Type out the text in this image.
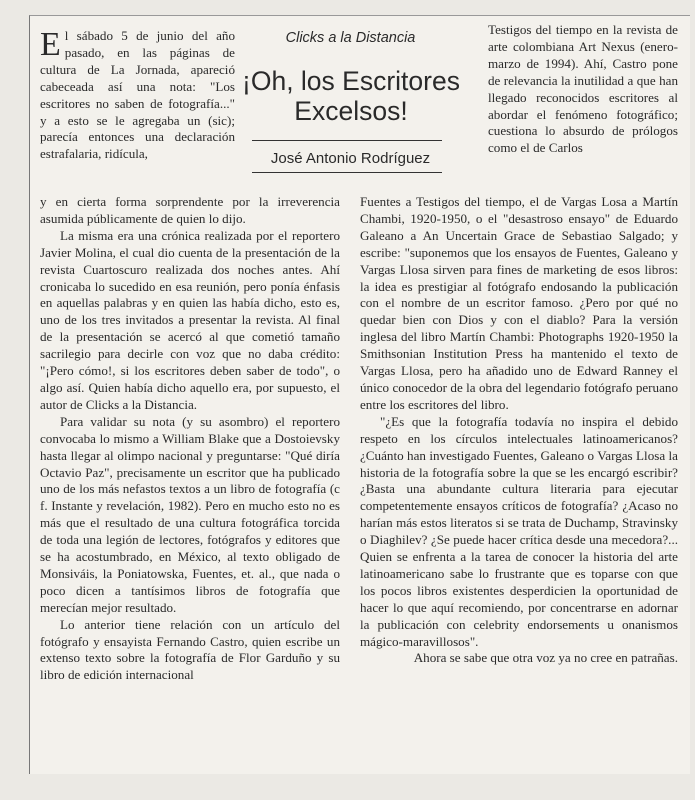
El sábado 5 de junio del año pasado, en las páginas de cultura de La Jornada, apareció cabeceada así una nota: "Los escritores no saben de fotografía..." y a esto se le agregaba un (sic); parecía entonces una declaración estrafalaria, ridícula,

Clicks a la Distancia
¡Oh, los Escritores Excelsos!
José Antonio Rodríguez

Testigos del tiempo en la revista de arte colombiana Art Nexus (enero-marzo de 1994). Ahí, Castro pone de relevancia la inutilidad a que han llegado reconocidos escritores al abordar el fenómeno fotográfico; cuestiona lo absurdo de prólogos como el de Carlos

y en cierta forma sorprendente por la irreverencia asumida públicamente de quien lo dijo.

La misma era una crónica realizada por el reportero Javier Molina, el cual dio cuenta de la presentación de la revista Cuartoscuro realizada dos noches antes. Ahí cronicaba lo sucedido en esa reunión, pero ponía énfasis en aquellas palabras y en quien las había dicho, esto es, uno de los tres invitados a presentar la revista. Al final de la presentación se acercó al que cometió tamaño sacrilegio para decirle con voz que no daba crédito: "¡Pero cómo!, si los escritores deben saber de todo", o algo así. Quien había dicho aquello era, por supuesto, el autor de Clicks a la Distancia.

Para validar su nota (y su asombro) el reportero convocaba lo mismo a William Blake que a Dostoievsky hasta llegar al olimpo nacional y preguntarse: "Qué diría Octavio Paz", precisamente un escritor que ha publicado uno de los más nefastos textos a un libro de fotografía (c f. Instante y revelación, 1982). Pero en mucho esto no es más que el resultado de una cultura fotográfica torcida de toda una legión de lectores, fotógrafos y editores que se ha acostumbrado, en México, al texto obligado de Monsiváis, la Poniatowska, Fuentes, et. al., que nada o poco dicen a tantísimos libros de fotografía que merecían mejor resultado.

Lo anterior tiene relación con un artículo del fotógrafo y ensayista Fernando Castro, quien escribe un extenso texto sobre la fotografía de Flor Garduño y su libro de edición internacional

Fuentes a Testigos del tiempo, el de Vargas Losa a Martín Chambi, 1920-1950, o el "desastroso ensayo" de Eduardo Galeano a An Uncertain Grace de Sebastiao Salgado; y escribe: "suponemos que los ensayos de Fuentes, Galeano y Vargas Llosa sirven para fines de marketing de esos libros: la idea es prestigiar al fotógrafo endosando la publicación con el nombre de un escritor famoso. ¿Pero por qué no quedar bien con Dios y con el diablo? Para la versión inglesa del libro Martín Chambi: Photographs 1920-1950 la Smithsonian Institution Press ha mantenido el texto de Vargas Llosa, pero ha añadido uno de Edward Ranney el único conocedor de la obra del legendario fotógrafo peruano entre los escritores del libro.

"¿Es que la fotografía todavía no inspira el debido respeto en los círculos intelectuales latinoamericanos? ¿Cuánto han investigado Fuentes, Galeano o Vargas Llosa la historia de la fotografía sobre la que se les encargó escribir? ¿Basta una abundante cultura literaria para ejecutar competentemente ensayos críticos de fotografía? ¿Acaso no harían más estos literatos si se trata de Duchamp, Stravinsky o Diaghilev? ¿Se puede hacer crítica desde una mecedora?... Quien se enfrenta a la tarea de conocer la historia del arte latinoamericano sabe lo frustrante que es toparse con que los pocos libros existentes desperdicien la oportunidad de hacer lo que aquí recomiendo, por concentrarse en adornar la publicación con celebrity endorsements u onanismos mágico-maravillosos".

Ahora se sabe que otra voz ya no cree en patrañas.
